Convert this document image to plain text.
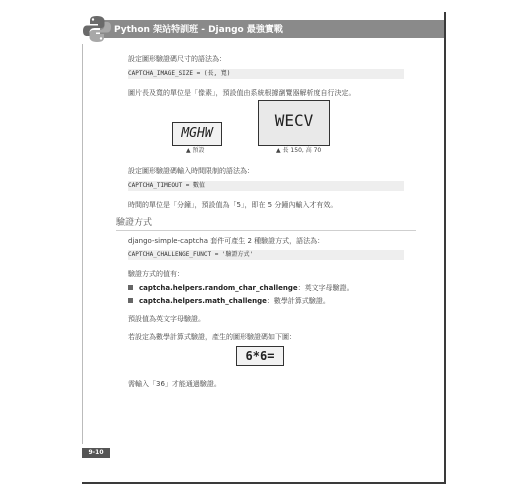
Python 架站特訓班 - Django 最強實戰
設定圖形驗證碼尺寸的語法為：
CAPTCHA_IMAGE_SIZE = (長, 寬)
圖片長及寬的單位是「像素」，預設值由系統根據瀏覽器解析度自行決定。
MGHW
▲ 預設
WECV
▲ 長 150, 高 70
設定圖形驗證碼輸入時間限制的語法為：
CAPTCHA_TIMEOUT = 數值
時間的單位是「分鐘」，預設值為「5」，即在 5 分鐘內輸入才有效。
驗證方式
django-simple-captcha 套件可產生 2 種驗證方式，語法為：
CAPTCHA_CHALLENGE_FUNCT = '驗證方式'
驗證方式的值有：
captcha.helpers.random_char_challenge：英文字母驗證。
captcha.helpers.math_challenge：數學計算式驗證。
預設值為英文字母驗證。
若設定為數學計算式驗證，產生的圖形驗證碼如下圖：
6*6=
需輸入「36」才能通過驗證。
9-10
